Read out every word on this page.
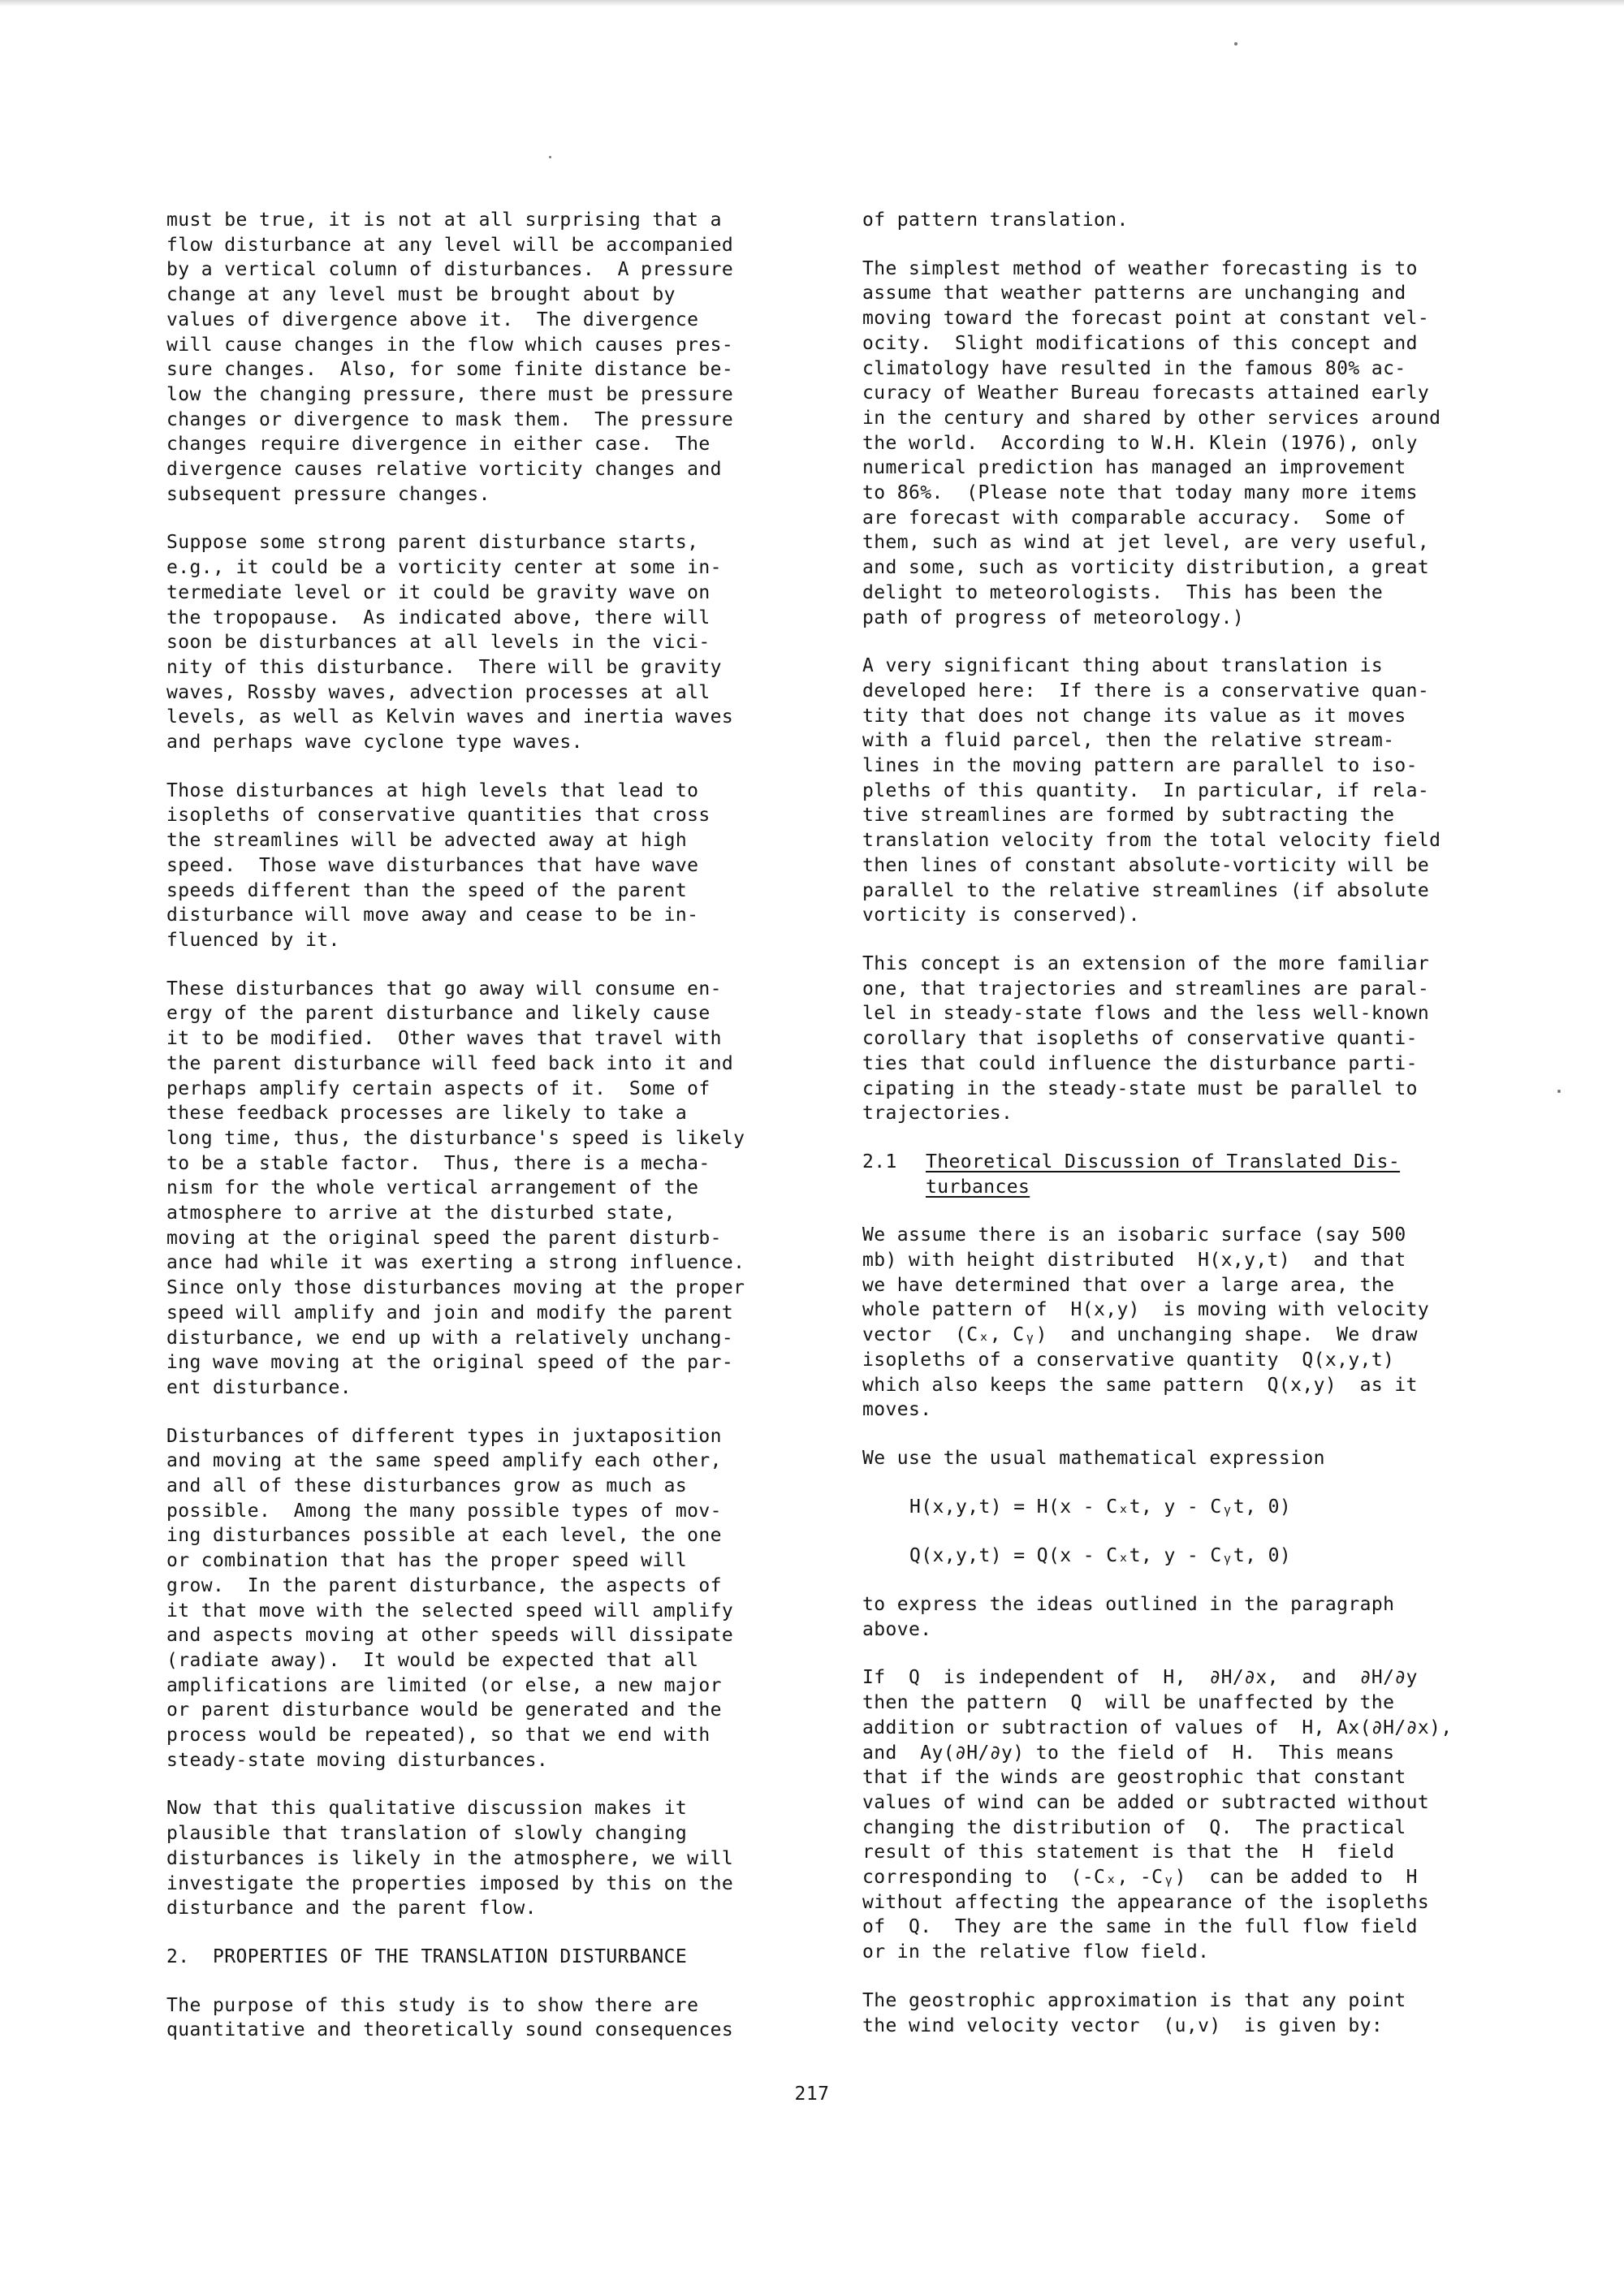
must be true, it is not at all surprising that a
flow disturbance at any level will be accompanied
by a vertical column of disturbances.  A pressure
change at any level must be brought about by
values of divergence above it.  The divergence
will cause changes in the flow which causes pres-
sure changes.  Also, for some finite distance be-
low the changing pressure, there must be pressure
changes or divergence to mask them.  The pressure
changes require divergence in either case.  The
divergence causes relative vorticity changes and
subsequent pressure changes.
Suppose some strong parent disturbance starts,
e.g., it could be a vorticity center at some in-
termediate level or it could be gravity wave on
the tropopause.  As indicated above, there will
soon be disturbances at all levels in the vici-
nity of this disturbance.  There will be gravity
waves, Rossby waves, advection processes at all
levels, as well as Kelvin waves and inertia waves
and perhaps wave cyclone type waves.
Those disturbances at high levels that lead to
isopleths of conservative quantities that cross
the streamlines will be advected away at high
speed.  Those wave disturbances that have wave
speeds different than the speed of the parent
disturbance will move away and cease to be in-
fluenced by it.
These disturbances that go away will consume en-
ergy of the parent disturbance and likely cause
it to be modified.  Other waves that travel with
the parent disturbance will feed back into it and
perhaps amplify certain aspects of it.  Some of
these feedback processes are likely to take a
long time, thus, the disturbance's speed is likely
to be a stable factor.  Thus, there is a mecha-
nism for the whole vertical arrangement of the
atmosphere to arrive at the disturbed state,
moving at the original speed the parent disturb-
ance had while it was exerting a strong influence.
Since only those disturbances moving at the proper
speed will amplify and join and modify the parent
disturbance, we end up with a relatively unchang-
ing wave moving at the original speed of the par-
ent disturbance.
Disturbances of different types in juxtaposition
and moving at the same speed amplify each other,
and all of these disturbances grow as much as
possible.  Among the many possible types of mov-
ing disturbances possible at each level, the one
or combination that has the proper speed will
grow.  In the parent disturbance, the aspects of
it that move with the selected speed will amplify
and aspects moving at other speeds will dissipate
(radiate away).  It would be expected that all
amplifications are limited (or else, a new major
or parent disturbance would be generated and the
process would be repeated), so that we end with
steady-state moving disturbances.
Now that this qualitative discussion makes it
plausible that translation of slowly changing
disturbances is likely in the atmosphere, we will
investigate the properties imposed by this on the
disturbance and the parent flow.
2.  PROPERTIES OF THE TRANSLATION DISTURBANCE
The purpose of this study is to show there are
quantitative and theoretically sound consequences
of pattern translation.
The simplest method of weather forecasting is to
assume that weather patterns are unchanging and
moving toward the forecast point at constant vel-
ocity.  Slight modifications of this concept and
climatology have resulted in the famous 80% ac-
curacy of Weather Bureau forecasts attained early
in the century and shared by other services around
the world.  According to W.H. Klein (1976), only
numerical prediction has managed an improvement
to 86%.  (Please note that today many more items
are forecast with comparable accuracy.  Some of
them, such as wind at jet level, are very useful,
and some, such as vorticity distribution, a great
delight to meteorologists.  This has been the
path of progress of meteorology.)
A very significant thing about translation is
developed here:  If there is a conservative quan-
tity that does not change its value as it moves
with a fluid parcel, then the relative stream-
lines in the moving pattern are parallel to iso-
pleths of this quantity.  In particular, if rela-
tive streamlines are formed by subtracting the
translation velocity from the total velocity field
then lines of constant absolute-vorticity will be
parallel to the relative streamlines (if absolute
vorticity is conserved).
This concept is an extension of the more familiar
one, that trajectories and streamlines are paral-
lel in steady-state flows and the less well-known
corollary that isopleths of conservative quanti-
ties that could influence the disturbance parti-
cipating in the steady-state must be parallel to
trajectories.
2.1	Theoretical Discussion of Translated Dis-
turbances
We assume there is an isobaric surface (say 500
mb) with height distributed  H(x,y,t)  and that
we have determined that over a large area, the
whole pattern of  H(x,y)  is moving with velocity
vector  (Cₓ, Cᵧ)  and unchanging shape.  We draw
isopleths of a conservative quantity  Q(x,y,t)
which also keeps the same pattern  Q(x,y)  as it
moves.
We use the usual mathematical expression
H(x,y,t) = H(x - Cₓt, y - Cᵧt, 0)
Q(x,y,t) = Q(x - Cₓt, y - Cᵧt, 0)
to express the ideas outlined in the paragraph
above.
If  Q  is independent of  H,  ∂H/∂x,  and  ∂H/∂y
then the pattern  Q  will be unaffected by the
addition or subtraction of values of  H, Ax(∂H/∂x),
and  Ay(∂H/∂y) to the field of  H.  This means
that if the winds are geostrophic that constant
values of wind can be added or subtracted without
changing the distribution of  Q.  The practical
result of this statement is that the  H  field
corresponding to  (-Cₓ, -Cᵧ)  can be added to  H
without affecting the appearance of the isopleths
of  Q.  They are the same in the full flow field
or in the relative flow field.
The geostrophic approximation is that any point
the wind velocity vector  (u,v)  is given by:
217
